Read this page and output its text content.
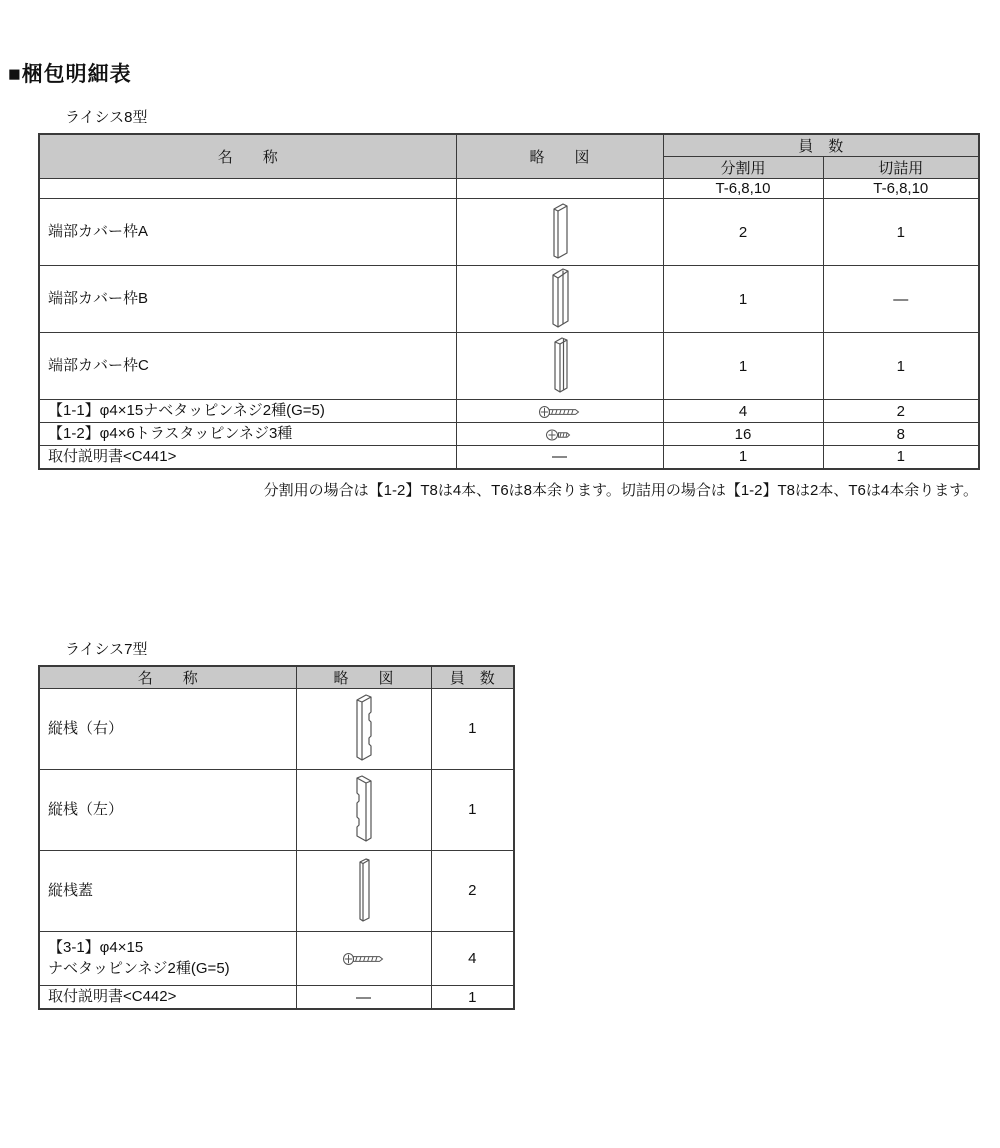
■梱包明細表
ライシス8型
名　　称	略　　図	員　数	
		分割用	切詰用
		T-6,8,10	T-6,8,10
端部カバー枠A		2	1
端部カバー枠B		1	―
端部カバー枠C		1	1
【1-1】φ4×15ナベタッピンネジ2種(G=5)		4	2
【1-2】φ4×6トラスタッピンネジ3種		16	8
取付説明書<C441>	―	1	1
分割用の場合は【1-2】T8は4本、T6は8本余ります。切詰用の場合は【1-2】T8は2本、T6は4本余ります。
ライシス7型
名　　称	略　　図	員　数
縦桟（右）		1
縦桟（左）		1
縦桟蓋		2
【3-1】φ4×15
ナベタッピンネジ2種(G=5)		4
取付説明書<C442>	―	1
